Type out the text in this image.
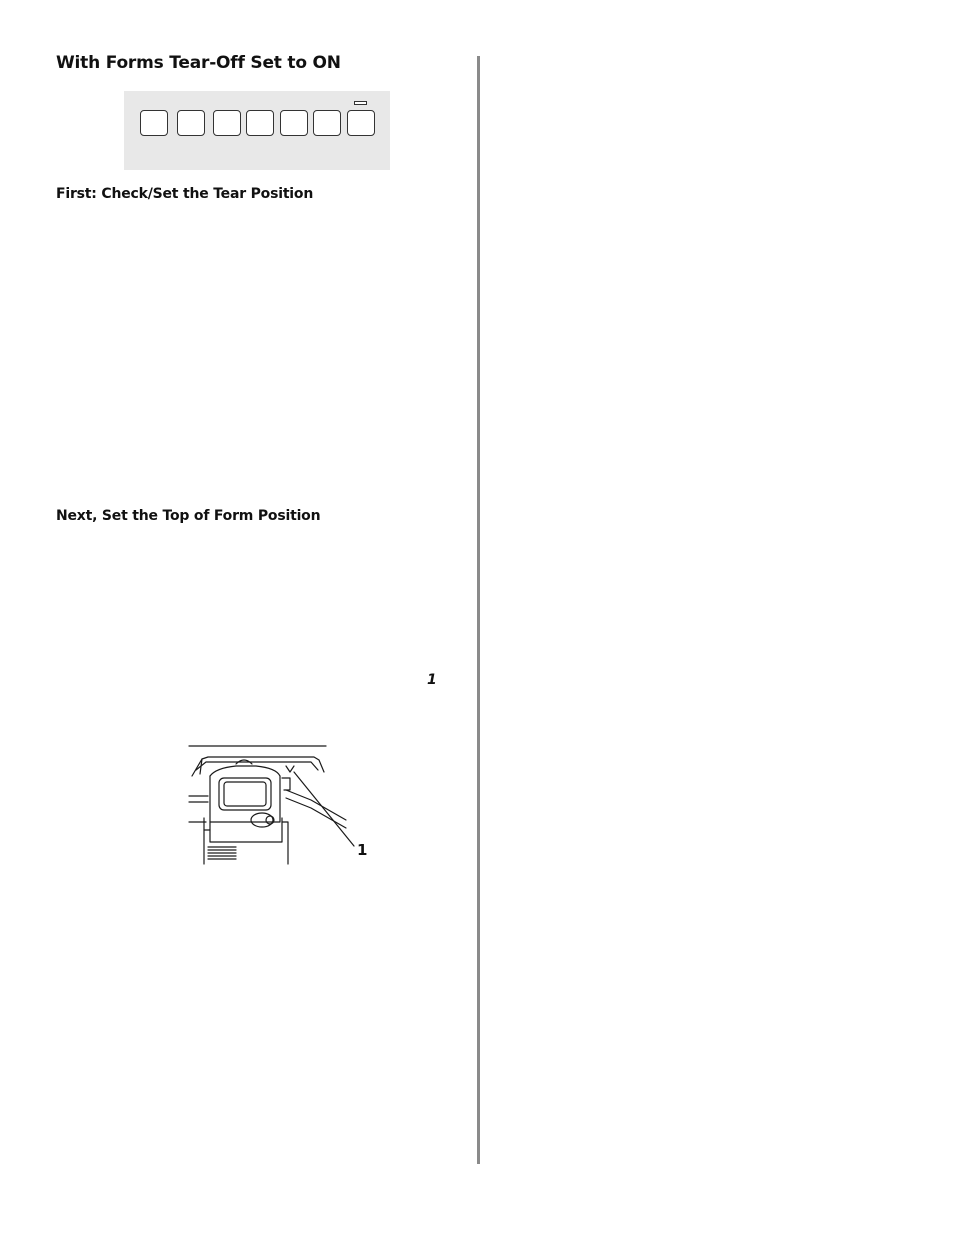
With Forms Tear-Off Set to ON
First: Check/Set the Tear Position
Next, Set the Top of Form Position
1
1
